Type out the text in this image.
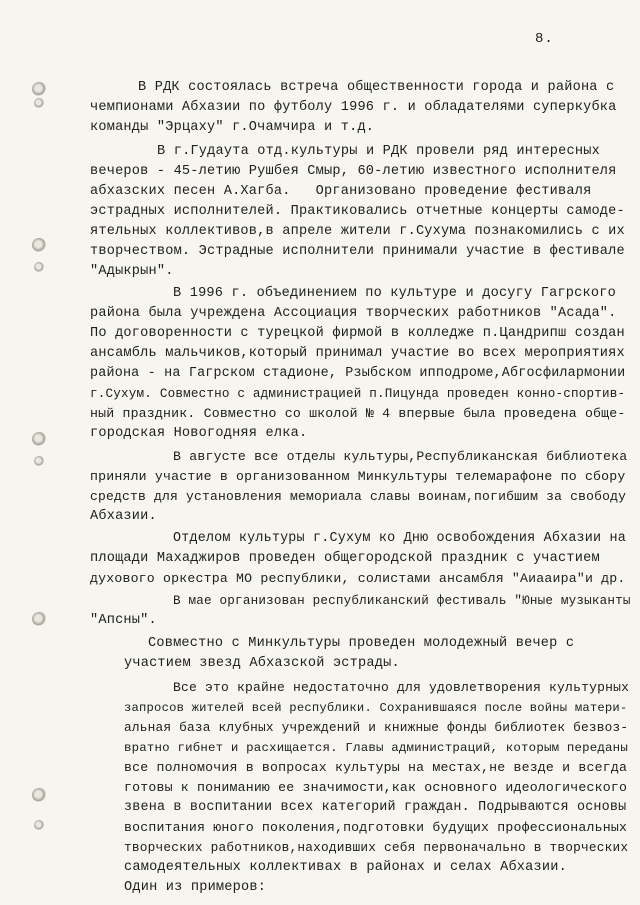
8.
В РДК состоялась встреча общественности города и района с
чемпионами Абхазии по футболу 1996 г. и обладателями суперкубка
команды "Эрцаху" г.Очамчира и т.д.
В г.Гудаута отд.культуры и РДК провели ряд интересных
вечеров - 45-летию Рушбея Смыр, 60-летию известного исполнителя
абхазских песен А.Хагба.   Организовано проведение фестиваля
эстрадных исполнителей. Практиковались отчетные концерты самоде-
ятельных коллективов,в апреле жители г.Сухума познакомились с их
творчеством. Эстрадные исполнители принимали участие в фестивале
"Адыкрын".
В 1996 г. объединением по культуре и досугу Гагрского
района была учреждена Ассоциация творческих работников "Асада".
По договоренности с турецкой фирмой в колледже п.Цандрипш создан
ансамбль мальчиков,который принимал участие во всех мероприятиях
района - на Гагрском стадионе, Рзыбском ипподроме,Абгосфилармонии
г.Сухум. Совместно с администрацией п.Пицунда проведен конно-спортив-
ный праздник. Совместно со школой № 4 впервые была проведена обще-
городская Новогодняя елка.
В августе все отделы культуры,Республиканская библиотека
приняли участие в организованном Минкультуры телемарафоне по сбору
средств для установления мемориала славы воинам,погибшим за свободу
Абхазии.
Отделом культуры г.Сухум ко Дню освобождения Абхазии на
площади Махаджиров проведен общегородской праздник с участием
духового оркестра МО республики, солистами ансамбля "Аиааира"и др.
В мае организован республиканский фестиваль "Юные музыканты
"Апсны".
Совместно с Минкультуры проведен молодежный вечер с
участием звезд Абхазской эстрады.
Все это крайне недостаточно для удовлетворения культурных
запросов жителей всей республики. Сохранившаяся после войны матери-
альная база клубных учреждений и книжные фонды библиотек безвоз-
вратно гибнет и расхищается. Главы администраций, которым переданы
все полномочия в вопросах культуры на местах,не везде и всегда
готовы к пониманию ее значимости,как основного идеологического
звена в воспитании всех категорий граждан. Подрываются основы
воспитания юного поколения,подготовки будущих профессиональных
творческих работников,находивших себя первоначально в творческих
самодеятельных коллективах в районах и селах Абхазии.
Один из примеров:
